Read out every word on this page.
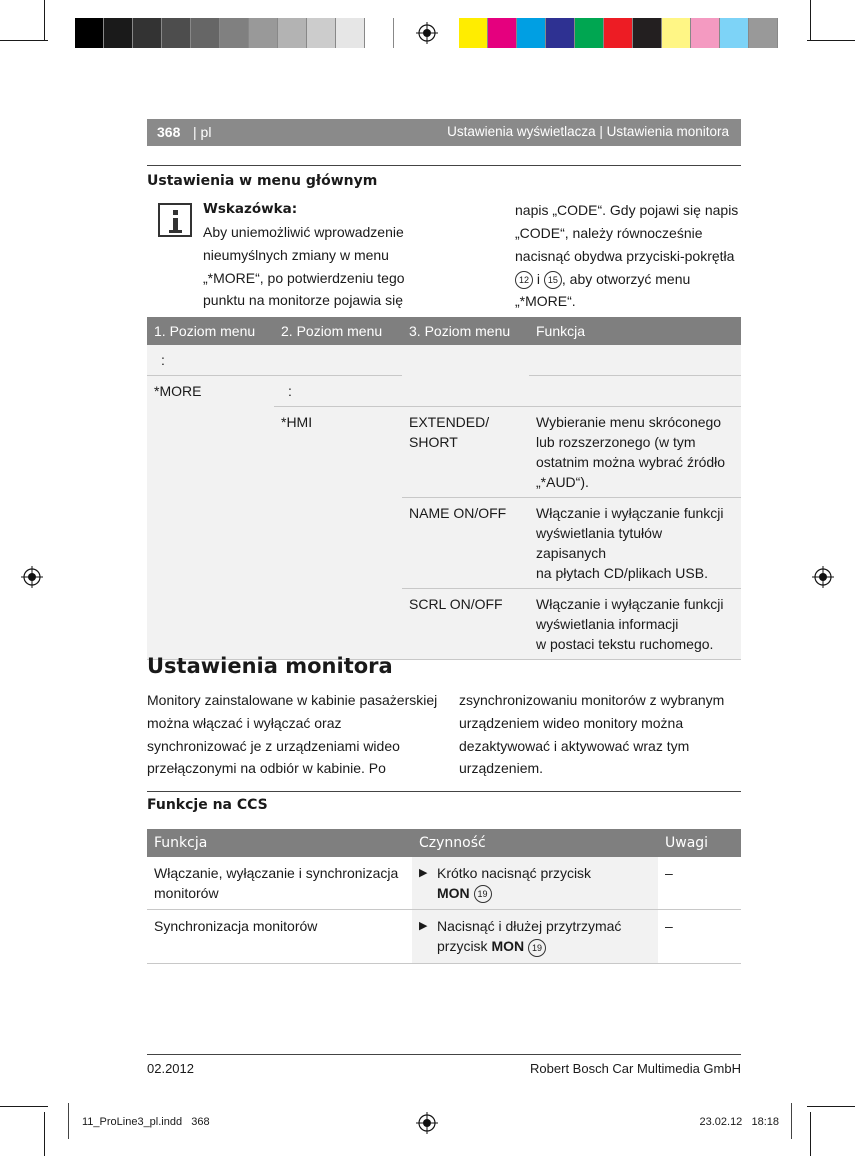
368 | pl	Ustawienia wyświetlacza | Ustawienia monitora
Ustawienia w menu głównym
Wskazówka:
Aby uniemożliwić wprowadzenie
nieumyślnych zmiany w menu
„*MORE“, po potwierdzeniu tego
punktu na monitorze pojawia się
napis „CODE“. Gdy pojawi się napis
„CODE“, należy równocześnie
nacisnąć obydwa przyciski-pokrętła
12 i 15 , aby otworzyć menu
„*MORE“.
1. Poziom menu	2. Poziom menu	3. Poziom menu	Funkcja
:			
*MORE	:		
	*HMI	EXTENDED/
SHORT	Wybieranie menu skróconego
lub rozszerzonego (w tym
ostatnim można wybrać źródło
„*AUD“).
		NAME ON/OFF	Włączanie i wyłączanie funkcji
wyświetlania tytułów zapisanych
na płytach CD/plikach USB.
		SCRL ON/OFF	Włączanie i wyłączanie funkcji
wyświetlania informacji
w postaci tekstu ruchomego.
Ustawienia monitora
Monitory zainstalowane w kabinie pasażerskiej
można włączać i wyłączać oraz
synchronizować je z urządzeniami wideo
przełączonymi na odbiór w kabinie. Po
zsynchronizowaniu monitorów z wybranym
urządzeniem wideo monitory można
dezaktywować i aktywować wraz tym
urządzeniem.
Funkcje na CCS
Funkcja	Czynność	Uwagi
Włączanie, wyłączanie i synchronizacja
monitorów	▶ Krótko nacisnąć przycisk
MON 19	–
Synchronizacja monitorów	▶ Nacisnąć i dłużej przytrzymać
przycisk MON 19	–
02.2012	Robert Bosch Car Multimedia GmbH
11_ProLine3_pl.indd   368	23.02.12   18:18
